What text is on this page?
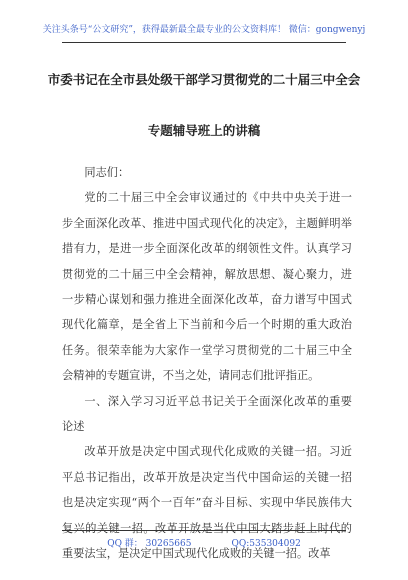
关注头条号“公文研究”，获得最新最全最专业的公文资料库！ 微信：gongwenyj
市委书记在全市县处级干部学习贯彻党的二十届三中全会
专题辅导班上的讲稿

同志们：

党的二十届三中全会审议通过的《中共中央关于进一步全面深化改革、推进中国式现代化的决定》，主题鲜明举措有力，是进一步全面深化改革的纲领性文件。认真学习贯彻党的二十届三中全会精神，解放思想、凝心聚力，进一步精心谋划和强力推进全面深化改革，奋力谱写中国式现代化篇章，是全省上下当前和今后一个时期的重大政治任务。很荣幸能为大家作一堂学习贯彻党的二十届三中全会精神的专题宣讲，不当之处，请同志们批评指正。

一、深入学习习近平总书记关于全面深化改革的重要论述

改革开放是决定中国式现代化成败的关键一招。习近平总书记指出，改革开放是决定当代中国命运的关键一招也是决定实现“两个一百年”奋斗目标、实现中华民族伟大复兴的关键一招。改革开放是当代中国大踏步赶上时代的重要法宝，是决定中国式现代化成败的关键一招。改革

QQ 群： 30265665	QQ:535304092
